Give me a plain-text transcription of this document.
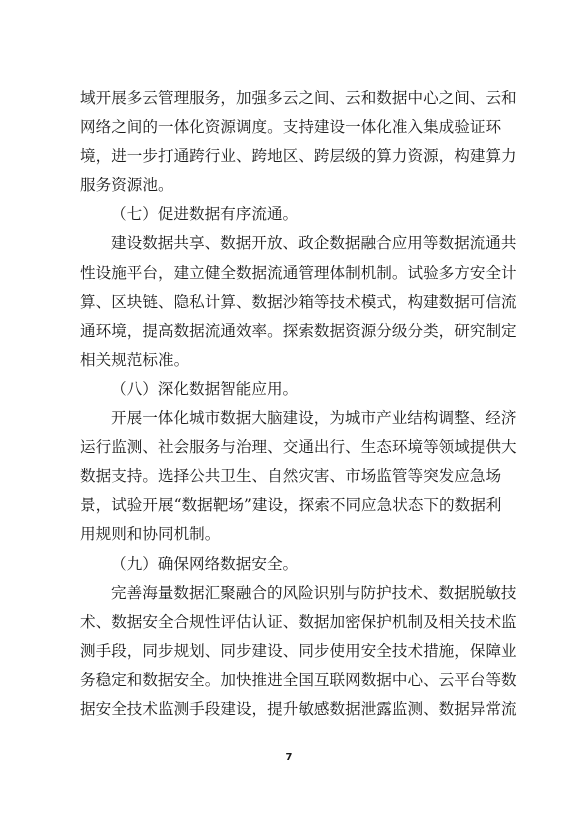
域开展多云管理服务，加强多云之间、云和数据中心之间、云和
网络之间的一体化资源调度。支持建设一体化准入集成验证环
境，进一步打通跨行业、跨地区、跨层级的算力资源，构建算力
服务资源池。
（七）促进数据有序流通。
建设数据共享、数据开放、政企数据融合应用等数据流通共
性设施平台，建立健全数据流通管理体制机制。试验多方安全计
算、区块链、隐私计算、数据沙箱等技术模式，构建数据可信流
通环境，提高数据流通效率。探索数据资源分级分类，研究制定
相关规范标准。
（八）深化数据智能应用。
开展一体化城市数据大脑建设，为城市产业结构调整、经济
运行监测、社会服务与治理、交通出行、生态环境等领域提供大
数据支持。选择公共卫生、自然灾害、市场监管等突发应急场
景，试验开展“数据靶场”建设，探索不同应急状态下的数据利
用规则和协同机制。
（九）确保网络数据安全。
完善海量数据汇聚融合的风险识别与防护技术、数据脱敏技
术、数据安全合规性评估认证、数据加密保护机制及相关技术监
测手段，同步规划、同步建设、同步使用安全技术措施，保障业
务稳定和数据安全。加快推进全国互联网数据中心、云平台等数
据安全技术监测手段建设，提升敏感数据泄露监测、数据异常流
7
